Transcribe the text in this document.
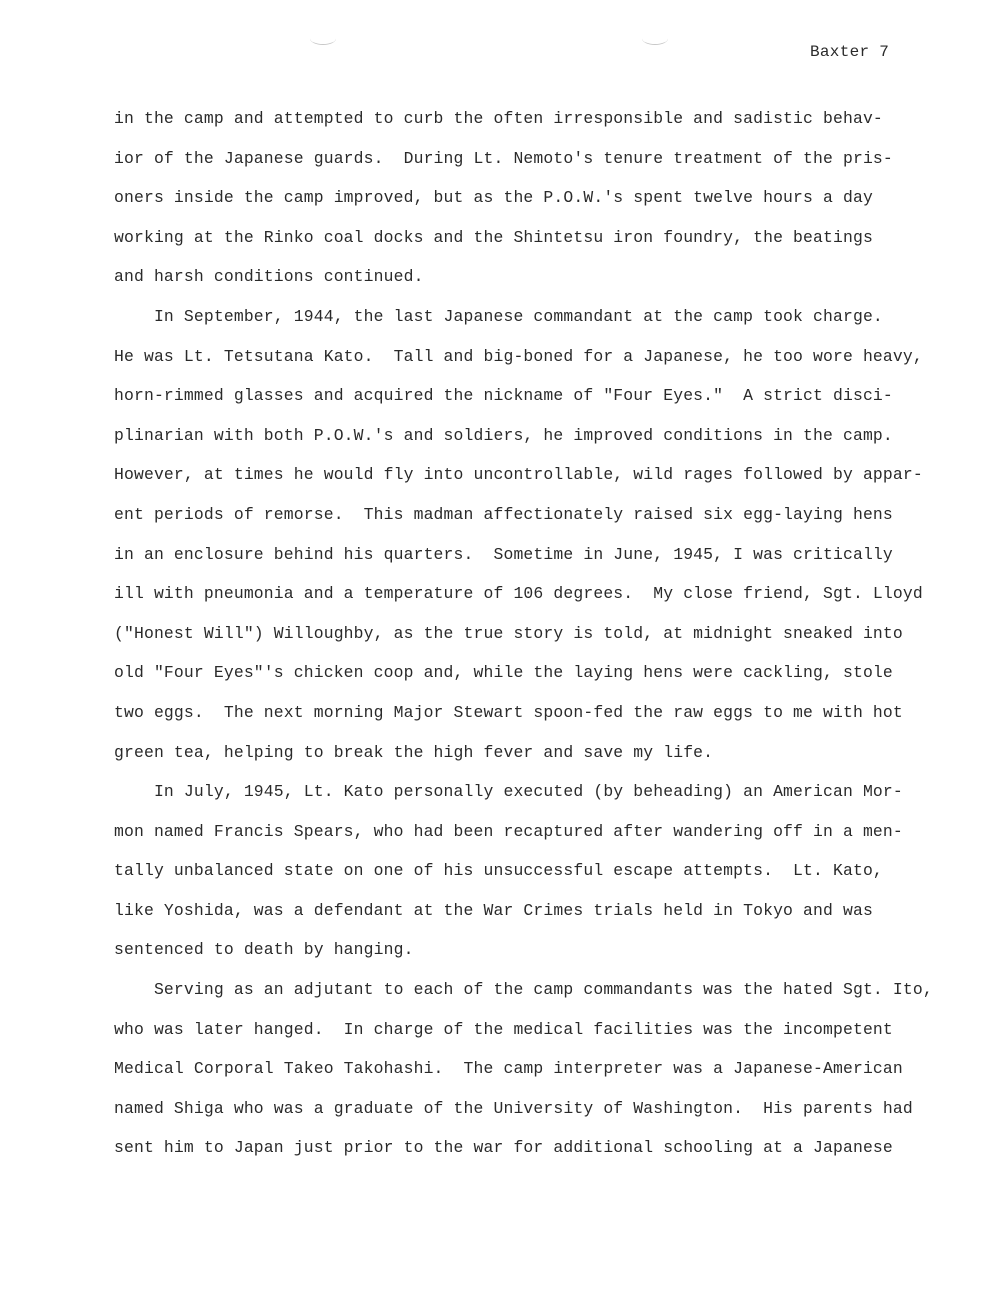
Baxter 7
in the camp and attempted to curb the often irresponsible and sadistic behav-
ior of the Japanese guards.  During Lt. Nemoto's tenure treatment of the pris-
oners inside the camp improved, but as the P.O.W.'s spent twelve hours a day
working at the Rinko coal docks and the Shintetsu iron foundry, the beatings
and harsh conditions continued.
In September, 1944, the last Japanese commandant at the camp took charge.
He was Lt. Tetsutana Kato.  Tall and big-boned for a Japanese, he too wore heavy,
horn-rimmed glasses and acquired the nickname of "Four Eyes."  A strict disci-
plinarian with both P.O.W.'s and soldiers, he improved conditions in the camp.
However, at times he would fly into uncontrollable, wild rages followed by appar-
ent periods of remorse.  This madman affectionately raised six egg-laying hens
in an enclosure behind his quarters.  Sometime in June, 1945, I was critically
ill with pneumonia and a temperature of 106 degrees.  My close friend, Sgt. Lloyd
("Honest Will") Willoughby, as the true story is told, at midnight sneaked into
old "Four Eyes"'s chicken coop and, while the laying hens were cackling, stole
two eggs.  The next morning Major Stewart spoon-fed the raw eggs to me with hot
green tea, helping to break the high fever and save my life.
In July, 1945, Lt. Kato personally executed (by beheading) an American Mor-
mon named Francis Spears, who had been recaptured after wandering off in a men-
tally unbalanced state on one of his unsuccessful escape attempts.  Lt. Kato,
like Yoshida, was a defendant at the War Crimes trials held in Tokyo and was
sentenced to death by hanging.
Serving as an adjutant to each of the camp commandants was the hated Sgt. Ito,
who was later hanged.  In charge of the medical facilities was the incompetent
Medical Corporal Takeo Takohashi.  The camp interpreter was a Japanese-American
named Shiga who was a graduate of the University of Washington.  His parents had
sent him to Japan just prior to the war for additional schooling at a Japanese
